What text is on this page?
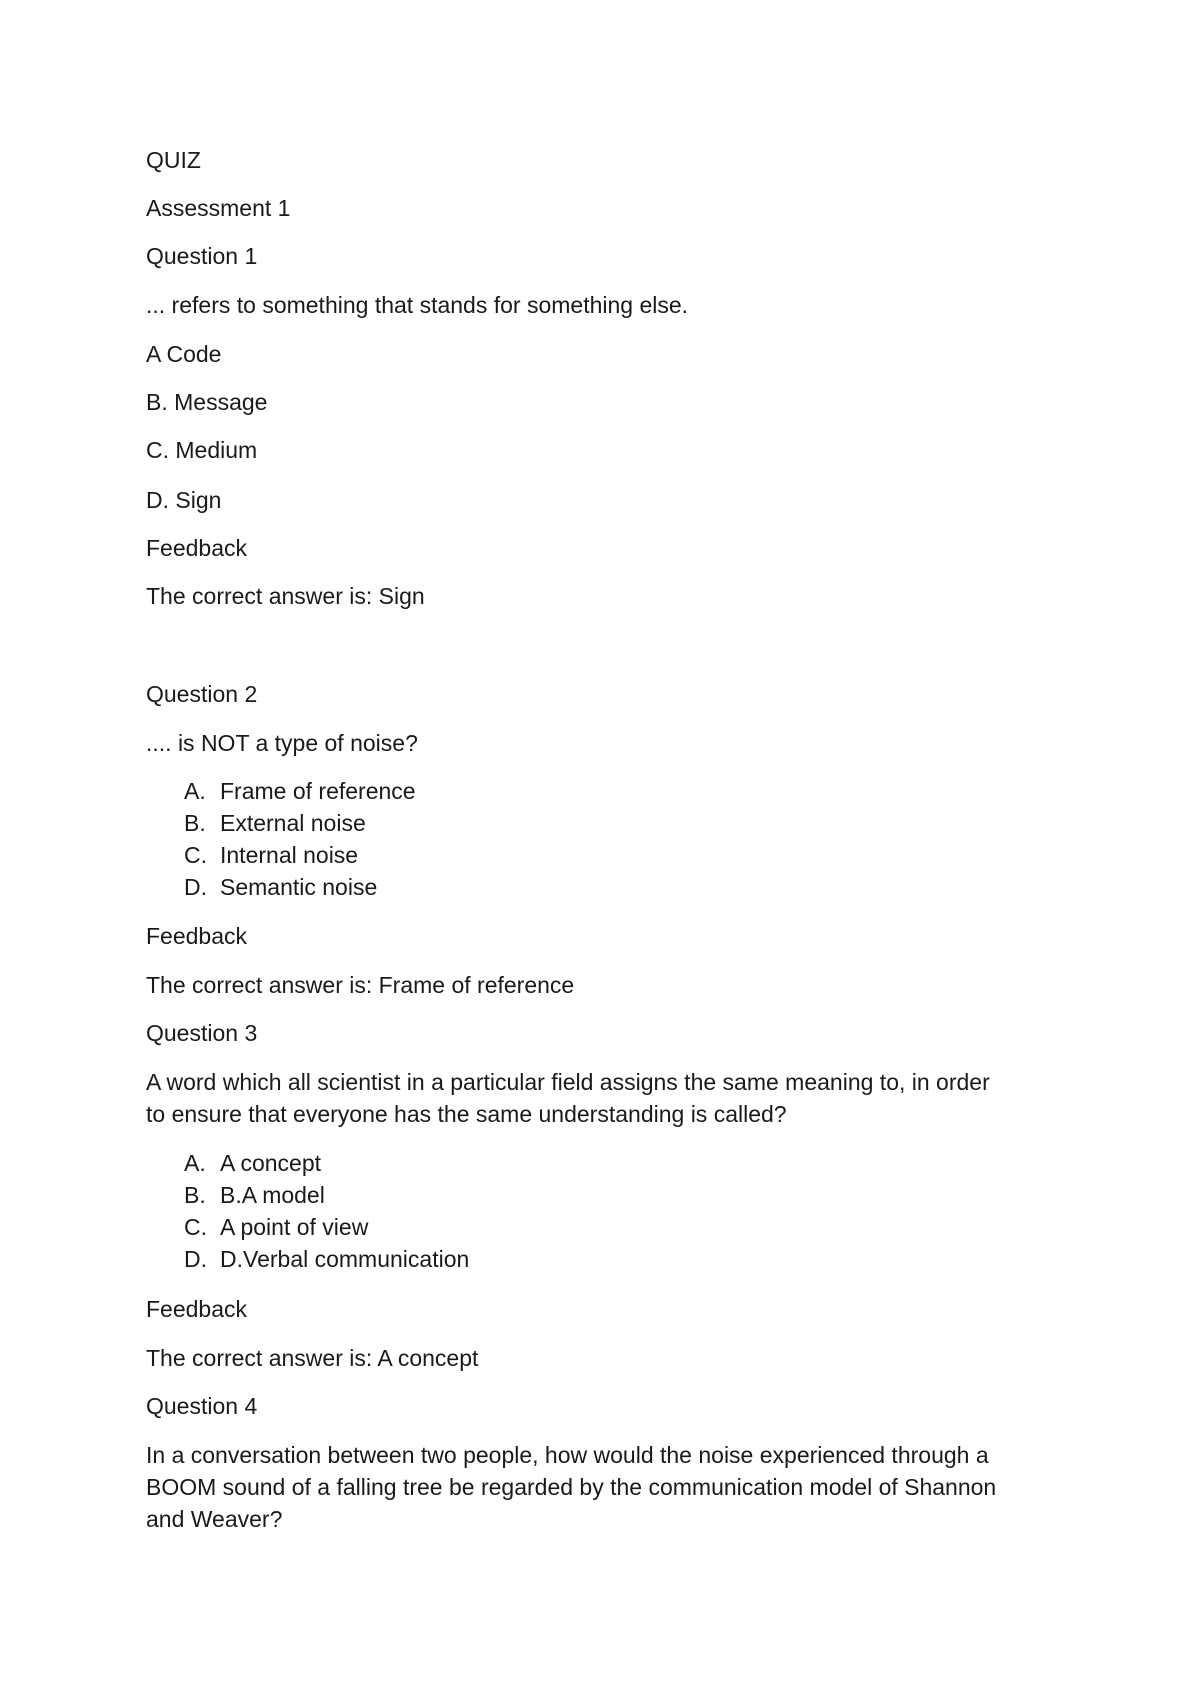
QUIZ

Assessment 1

Question 1

... refers to something that stands for something else.

A Code

B. Message

C. Medium

D. Sign

Feedback

The correct answer is: Sign

Question 2

.... is NOT a type of noise?

A. Frame of reference
B. External noise
C. Internal noise
D. Semantic noise

Feedback

The correct answer is: Frame of reference

Question 3

A word which all scientist in a particular field assigns the same meaning to, in order

to ensure that everyone has the same understanding is called?

A. A concept
B. B.A model
C. A point of view
D. D.Verbal communication

Feedback

The correct answer is: A concept

Question 4

In a conversation between two people, how would the noise experienced through a

BOOM sound of a falling tree be regarded by the communication model of Shannon

and Weaver?
